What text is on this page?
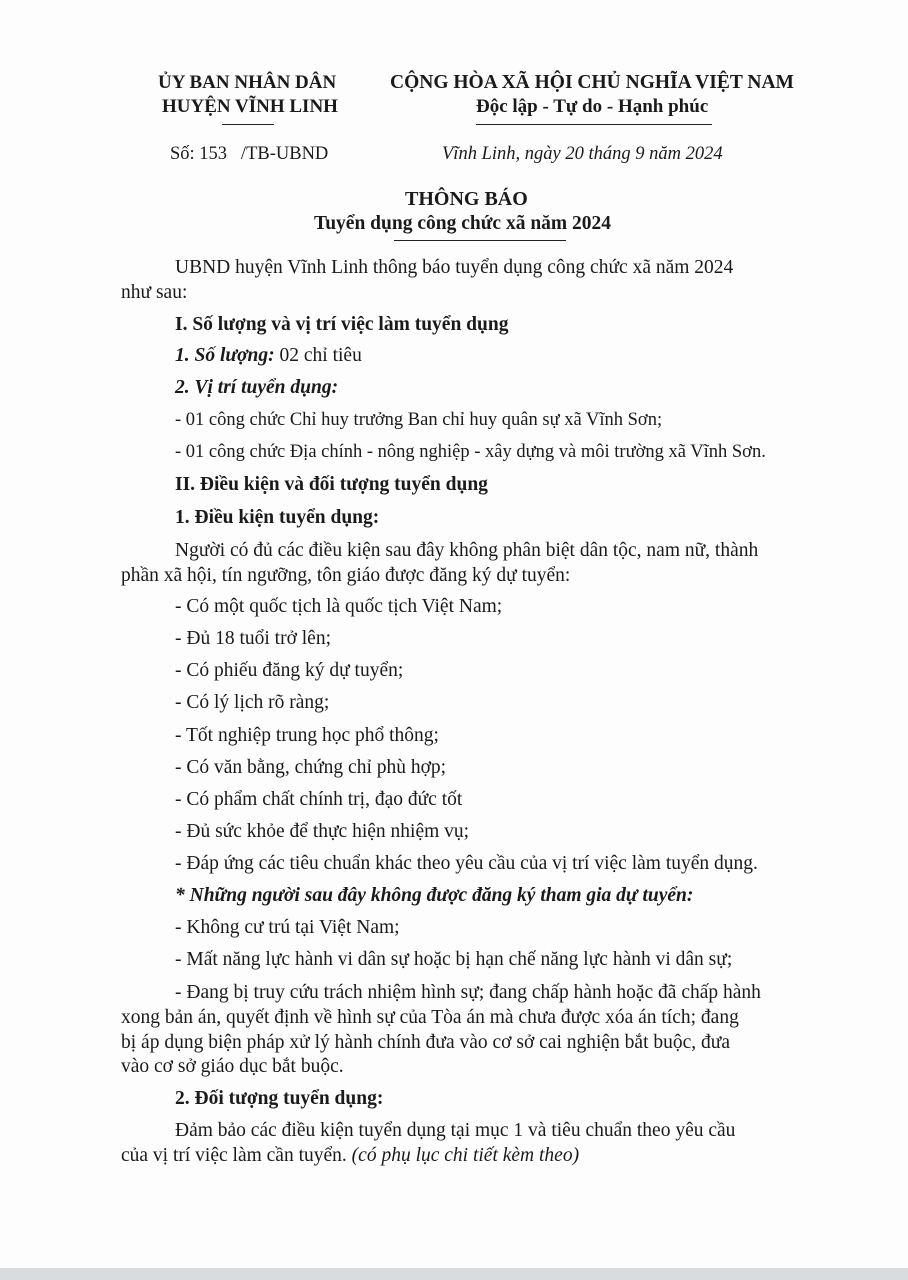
ỦY BAN NHÂN DÂN
HUYỆN VĨNH LINH
CỘNG HÒA XÃ HỘI CHỦ NGHĨA VIỆT NAM
Độc lập - Tự do - Hạnh phúc
Số: 153   /TB-UBND	Vĩnh Linh, ngày 20 tháng 9 năm 2024
THÔNG BÁO
Tuyển dụng công chức xã năm 2024
UBND huyện Vĩnh Linh thông báo tuyển dụng công chức xã năm 2024
như sau:
I. Số lượng và vị trí việc làm tuyển dụng
1. Số lượng: 02 chỉ tiêu
2. Vị trí tuyển dụng:
- 01 công chức Chỉ huy trưởng Ban chỉ huy quân sự xã Vĩnh Sơn;
- 01 công chức Địa chính - nông nghiệp - xây dựng và môi trường xã Vĩnh Sơn.
II. Điều kiện và đối tượng tuyển dụng
1. Điều kiện tuyển dụng:
Người có đủ các điều kiện sau đây không phân biệt dân tộc, nam nữ, thành
phần xã hội, tín ngưỡng, tôn giáo được đăng ký dự tuyển:
- Có một quốc tịch là quốc tịch Việt Nam;
- Đủ 18 tuổi trở lên;
- Có phiếu đăng ký dự tuyển;
- Có lý lịch rõ ràng;
- Tốt nghiệp trung học phổ thông;
- Có văn bằng, chứng chỉ phù hợp;
- Có phẩm chất chính trị, đạo đức tốt
- Đủ sức khỏe để thực hiện nhiệm vụ;
- Đáp ứng các tiêu chuẩn khác theo yêu cầu của vị trí việc làm tuyển dụng.
* Những người sau đây không được đăng ký tham gia dự tuyển:
- Không cư trú tại Việt Nam;
- Mất năng lực hành vi dân sự hoặc bị hạn chế năng lực hành vi dân sự;
- Đang bị truy cứu trách nhiệm hình sự; đang chấp hành hoặc đã chấp hành
xong bản án, quyết định về hình sự của Tòa án mà chưa được xóa án tích; đang
bị áp dụng biện pháp xử lý hành chính đưa vào cơ sở cai nghiện bắt buộc, đưa
vào cơ sở giáo dục bắt buộc.
2. Đối tượng tuyển dụng:
Đảm bảo các điều kiện tuyển dụng tại mục 1 và tiêu chuẩn theo yêu cầu
của vị trí việc làm cần tuyển. (có phụ lục chi tiết kèm theo)
